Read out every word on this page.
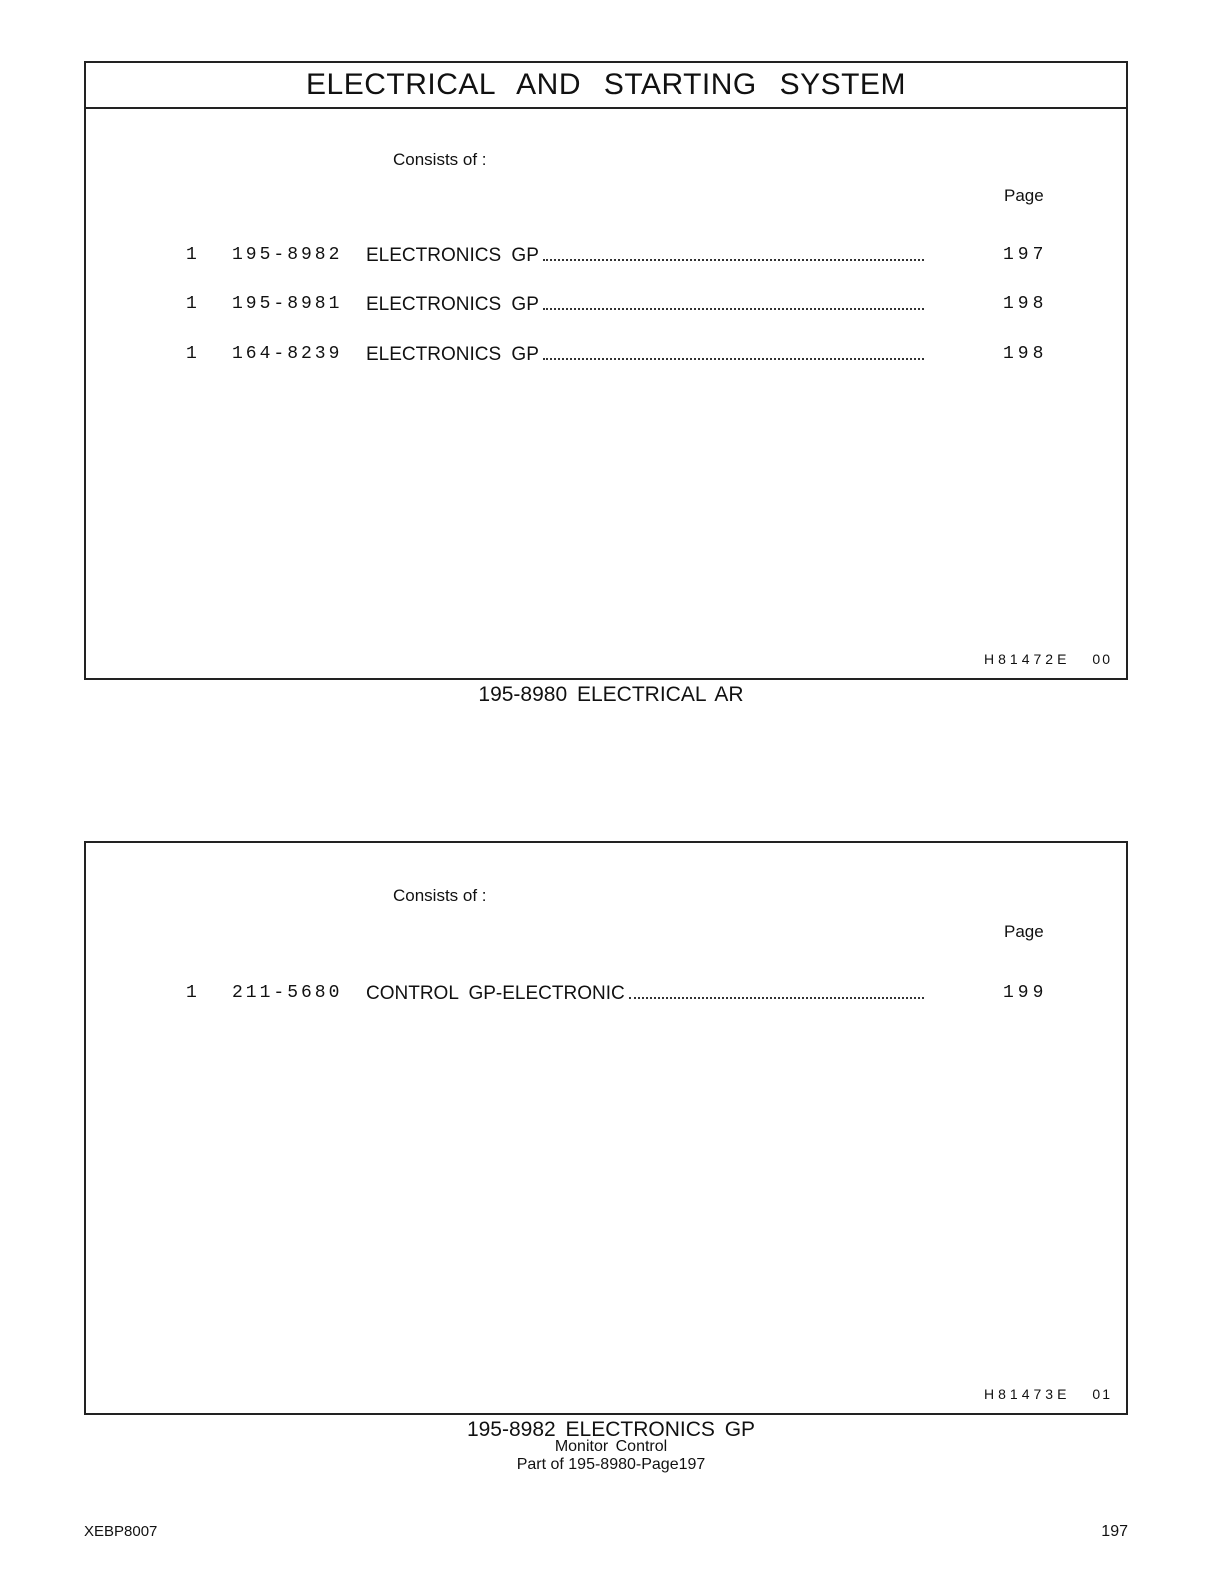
ELECTRICAL AND STARTING SYSTEM
Consists of :
Page
1 195-8982 ELECTRONICS GP	197
1 195-8981 ELECTRONICS GP	198
1 164-8239 ELECTRONICS GP	198
H81472E 00
195-8980 ELECTRICAL AR
Consists of :
Page
1 211-5680 CONTROL GP-ELECTRONIC	199
H81473E 01
195-8982 ELECTRONICS GP
Monitor Control
Part of 195-8980-Page197
XEBP8007	197
